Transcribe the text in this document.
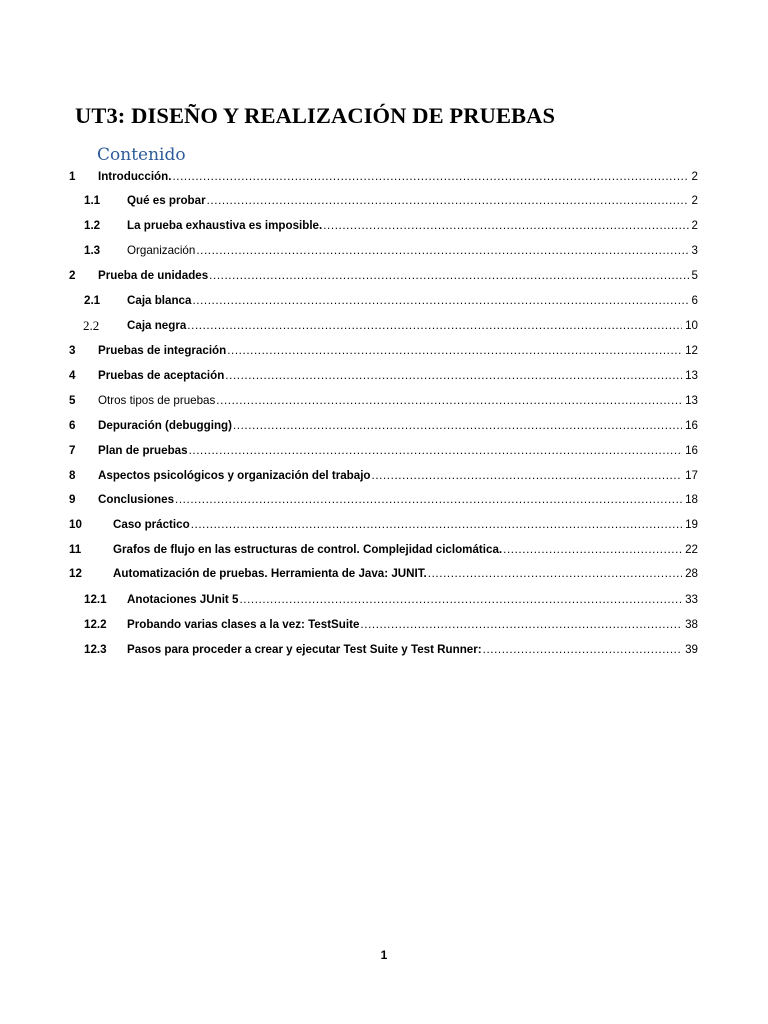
UT3: DISEÑO Y REALIZACIÓN DE PRUEBAS
Contenido
1 Introducción. .....	2
1.1 Qué es probar .....	2
1.2 La prueba exhaustiva es imposible. .....	2
1.3 Organización .....	3
2 Prueba de unidades .....	5
2.1 Caja blanca .....	6
2.2 Caja negra .....	10
3 Pruebas de integración .....	12
4 Pruebas de aceptación .....	13
5 Otros tipos de pruebas .....	13
6 Depuración (debugging) .....	16
7 Plan de pruebas .....	16
8 Aspectos psicológicos y organización del trabajo .....	17
9 Conclusiones .....	18
10	Caso práctico .....	19
11	Grafos de flujo en las estructuras de control. Complejidad ciclomática. .....	22
12	Automatización de pruebas. Herramienta de Java: JUNIT. .....	28
12.1 Anotaciones JUnit 5 .....	33
12.2 Probando varias clases a la vez: TestSuite .....	38
12.3 Pasos para proceder a crear y ejecutar Test Suite y Test Runner: .....	39
1
